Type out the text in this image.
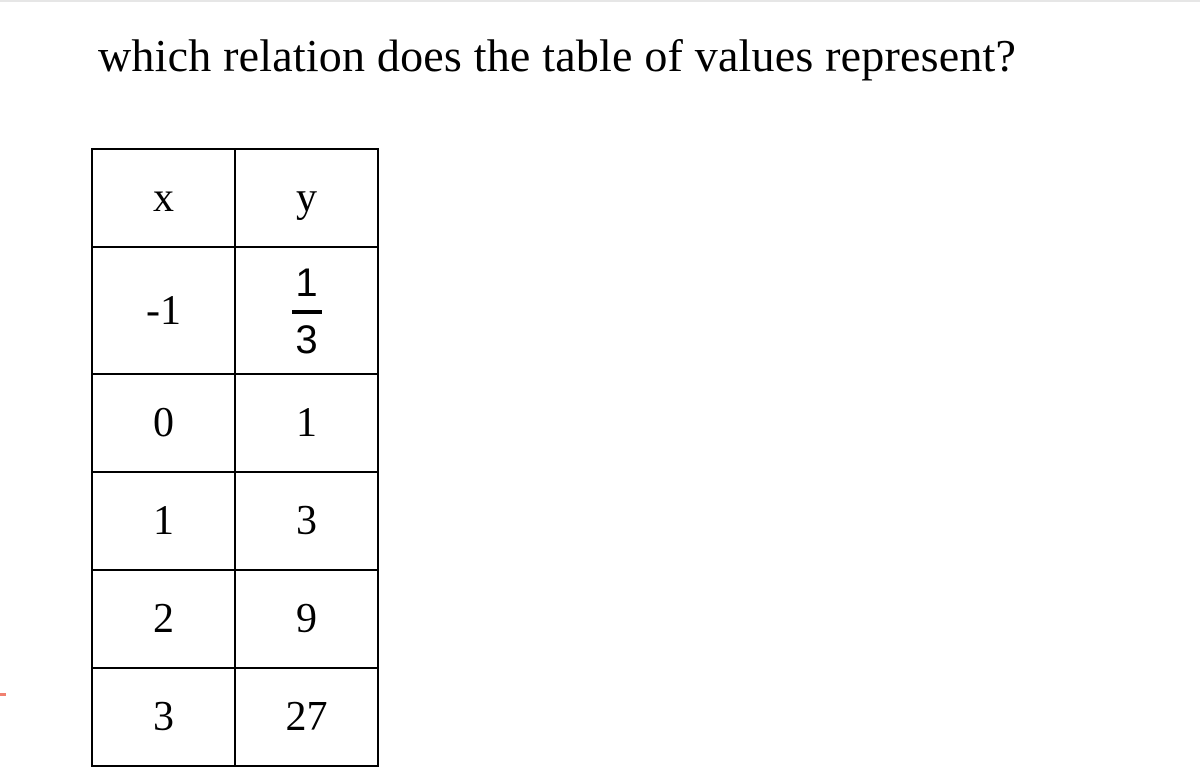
which relation does the table of values represent?
x	y
-1	$\frac{1}{3}$

0	1
1	3
2	9
3	27
